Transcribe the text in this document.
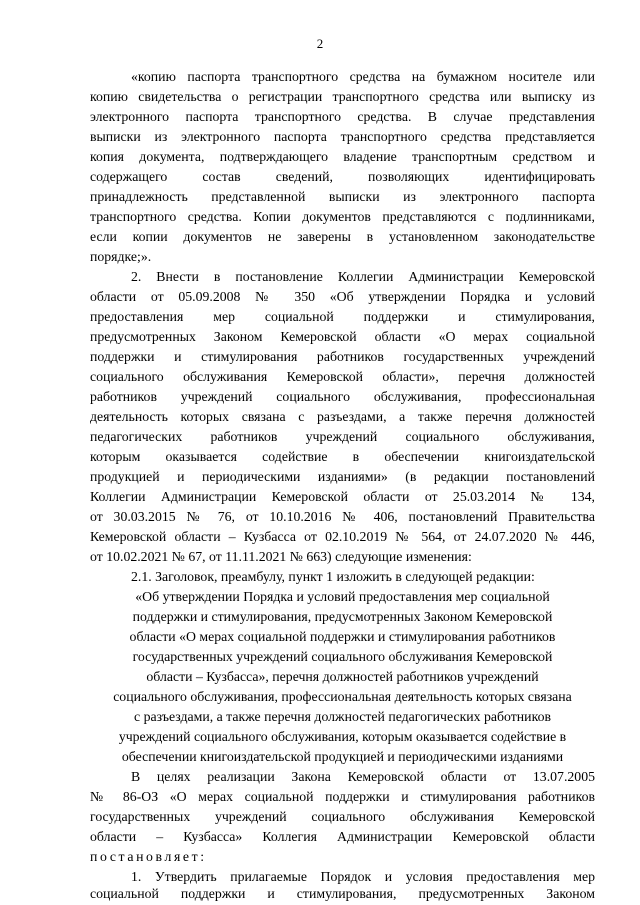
2
«копию паспорта транспортного средства на бумажном носителе или
копию свидетельства о регистрации транспортного средства или выписку из
электронного паспорта транспортного средства. В случае представления
выписки из электронного паспорта транспортного средства представляется
копия документа, подтверждающего владение транспортным средством и
содержащего состав сведений, позволяющих идентифицировать
принадлежность представленной выписки из электронного паспорта
транспортного средства. Копии документов представляются с подлинниками,
если копии документов не заверены в установленном законодательстве
порядке;».
2. Внести в постановление Коллегии Администрации Кемеровской
области от 05.09.2008 № 350 «Об утверждении Порядка и условий
предоставления мер социальной поддержки и стимулирования,
предусмотренных Законом Кемеровской области «О мерах социальной
поддержки и стимулирования работников государственных учреждений
социального обслуживания Кемеровской области», перечня должностей
работников учреждений социального обслуживания, профессиональная
деятельность которых связана с разъездами, а также перечня должностей
педагогических работников учреждений социального обслуживания,
которым оказывается содействие в обеспечении книгоиздательской
продукцией и периодическими изданиями» (в редакции постановлений
Коллегии Администрации Кемеровской области от 25.03.2014 № 134,
от 30.03.2015 № 76, от 10.10.2016 № 406, постановлений Правительства
Кемеровской области – Кузбасса от 02.10.2019 № 564, от 24.07.2020 № 446,
от 10.02.2021 № 67, от 11.11.2021 № 663) следующие изменения:
2.1. Заголовок, преамбулу, пункт 1 изложить в следующей редакции:
«Об утверждении Порядка и условий предоставления мер социальной
поддержки и стимулирования, предусмотренных Законом Кемеровской
области «О мерах социальной поддержки и стимулирования работников
государственных учреждений социального обслуживания Кемеровской
области – Кузбасса», перечня должностей работников учреждений
социального обслуживания, профессиональная деятельность которых связана
с разъездами, а также перечня должностей педагогических работников
учреждений социального обслуживания, которым оказывается содействие в
обеспечении книгоиздательской продукцией и периодическими изданиями
В целях реализации Закона Кемеровской области от 13.07.2005
№ 86-ОЗ «О мерах социальной поддержки и стимулирования работников
государственных учреждений социального обслуживания Кемеровской
области – Кузбасса» Коллегия Администрации Кемеровской области
постановляет:
1. Утвердить прилагаемые Порядок и условия предоставления мер
социальной поддержки и стимулирования, предусмотренных Законом
